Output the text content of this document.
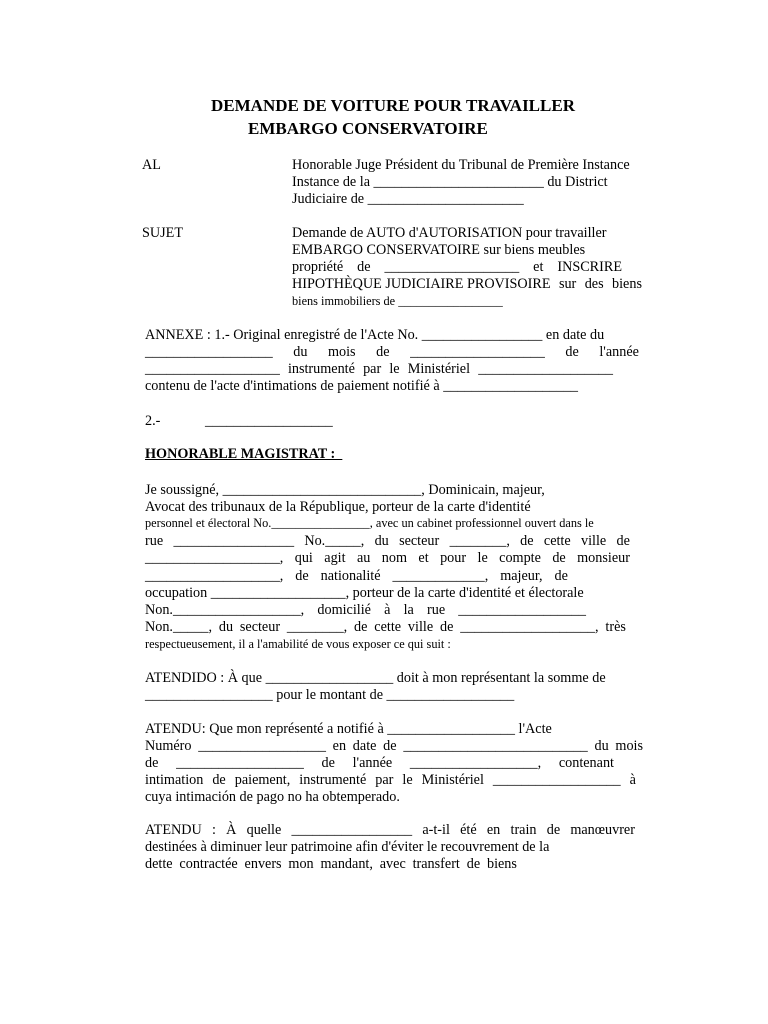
DEMANDE DE VOITURE POUR TRAVAILLER
EMBARGO CONSERVATOIRE
AL	Honorable Juge Président du Tribunal de Première Instance
Instance de la ________________________ du District
Judiciaire de ______________________
SUJET	Demande de AUTO d'AUTORISATION pour travailler
EMBARGO CONSERVATOIRE sur biens meubles
propriété de ___________________ et INSCRIRE
HIPOTHÈQUE JUDICIAIRE PROVISOIRE sur des biens
biens immobiliers de _________________
ANNEXE : 1.- Original enregistré de l'Acte No. _________________ en date du
__________________ du mois de ___________________ de l'année
___________________ instrumenté par le Ministériel ___________________
contenu de l'acte d'intimations de paiement notifié à ___________________
2.-	__________________
HONORABLE MAGISTRAT :
Je soussigné, ____________________________, Dominicain, majeur,
Avocat des tribunaux de la République, porteur de la carte d'identité
personnel et électoral No.________________, avec un cabinet professionnel ouvert dans le
rue _________________ No._____, du secteur ________, de cette ville de
___________________, qui agit au nom et pour le compte de monsieur
___________________, de nationalité _____________, majeur, de
occupation ___________________, porteur de la carte d'identité et électorale
Non.__________________, domicilié à la rue __________________
Non._____, du secteur ________, de cette ville de ___________________, très
respectueusement, il a l'amabilité de vous exposer ce qui suit :
ATENDIDO : À que __________________ doit à mon représentant la somme de
__________________ pour le montant de __________________
ATENDU: Que mon représenté a notifié à __________________ l'Acte
Numéro __________________ en date de __________________________ du mois
de __________________ de l'année __________________, contenant
intimation de paiement, instrumenté par le Ministériel __________________ à
cuya intimación de pago no ha obtemperado.
ATENDU : À quelle _________________ a-t-il été en train de manœuvrer
destinées à diminuer leur patrimoine afin d'éviter le recouvrement de la
dette contractée envers mon mandant, avec transfert de biens
